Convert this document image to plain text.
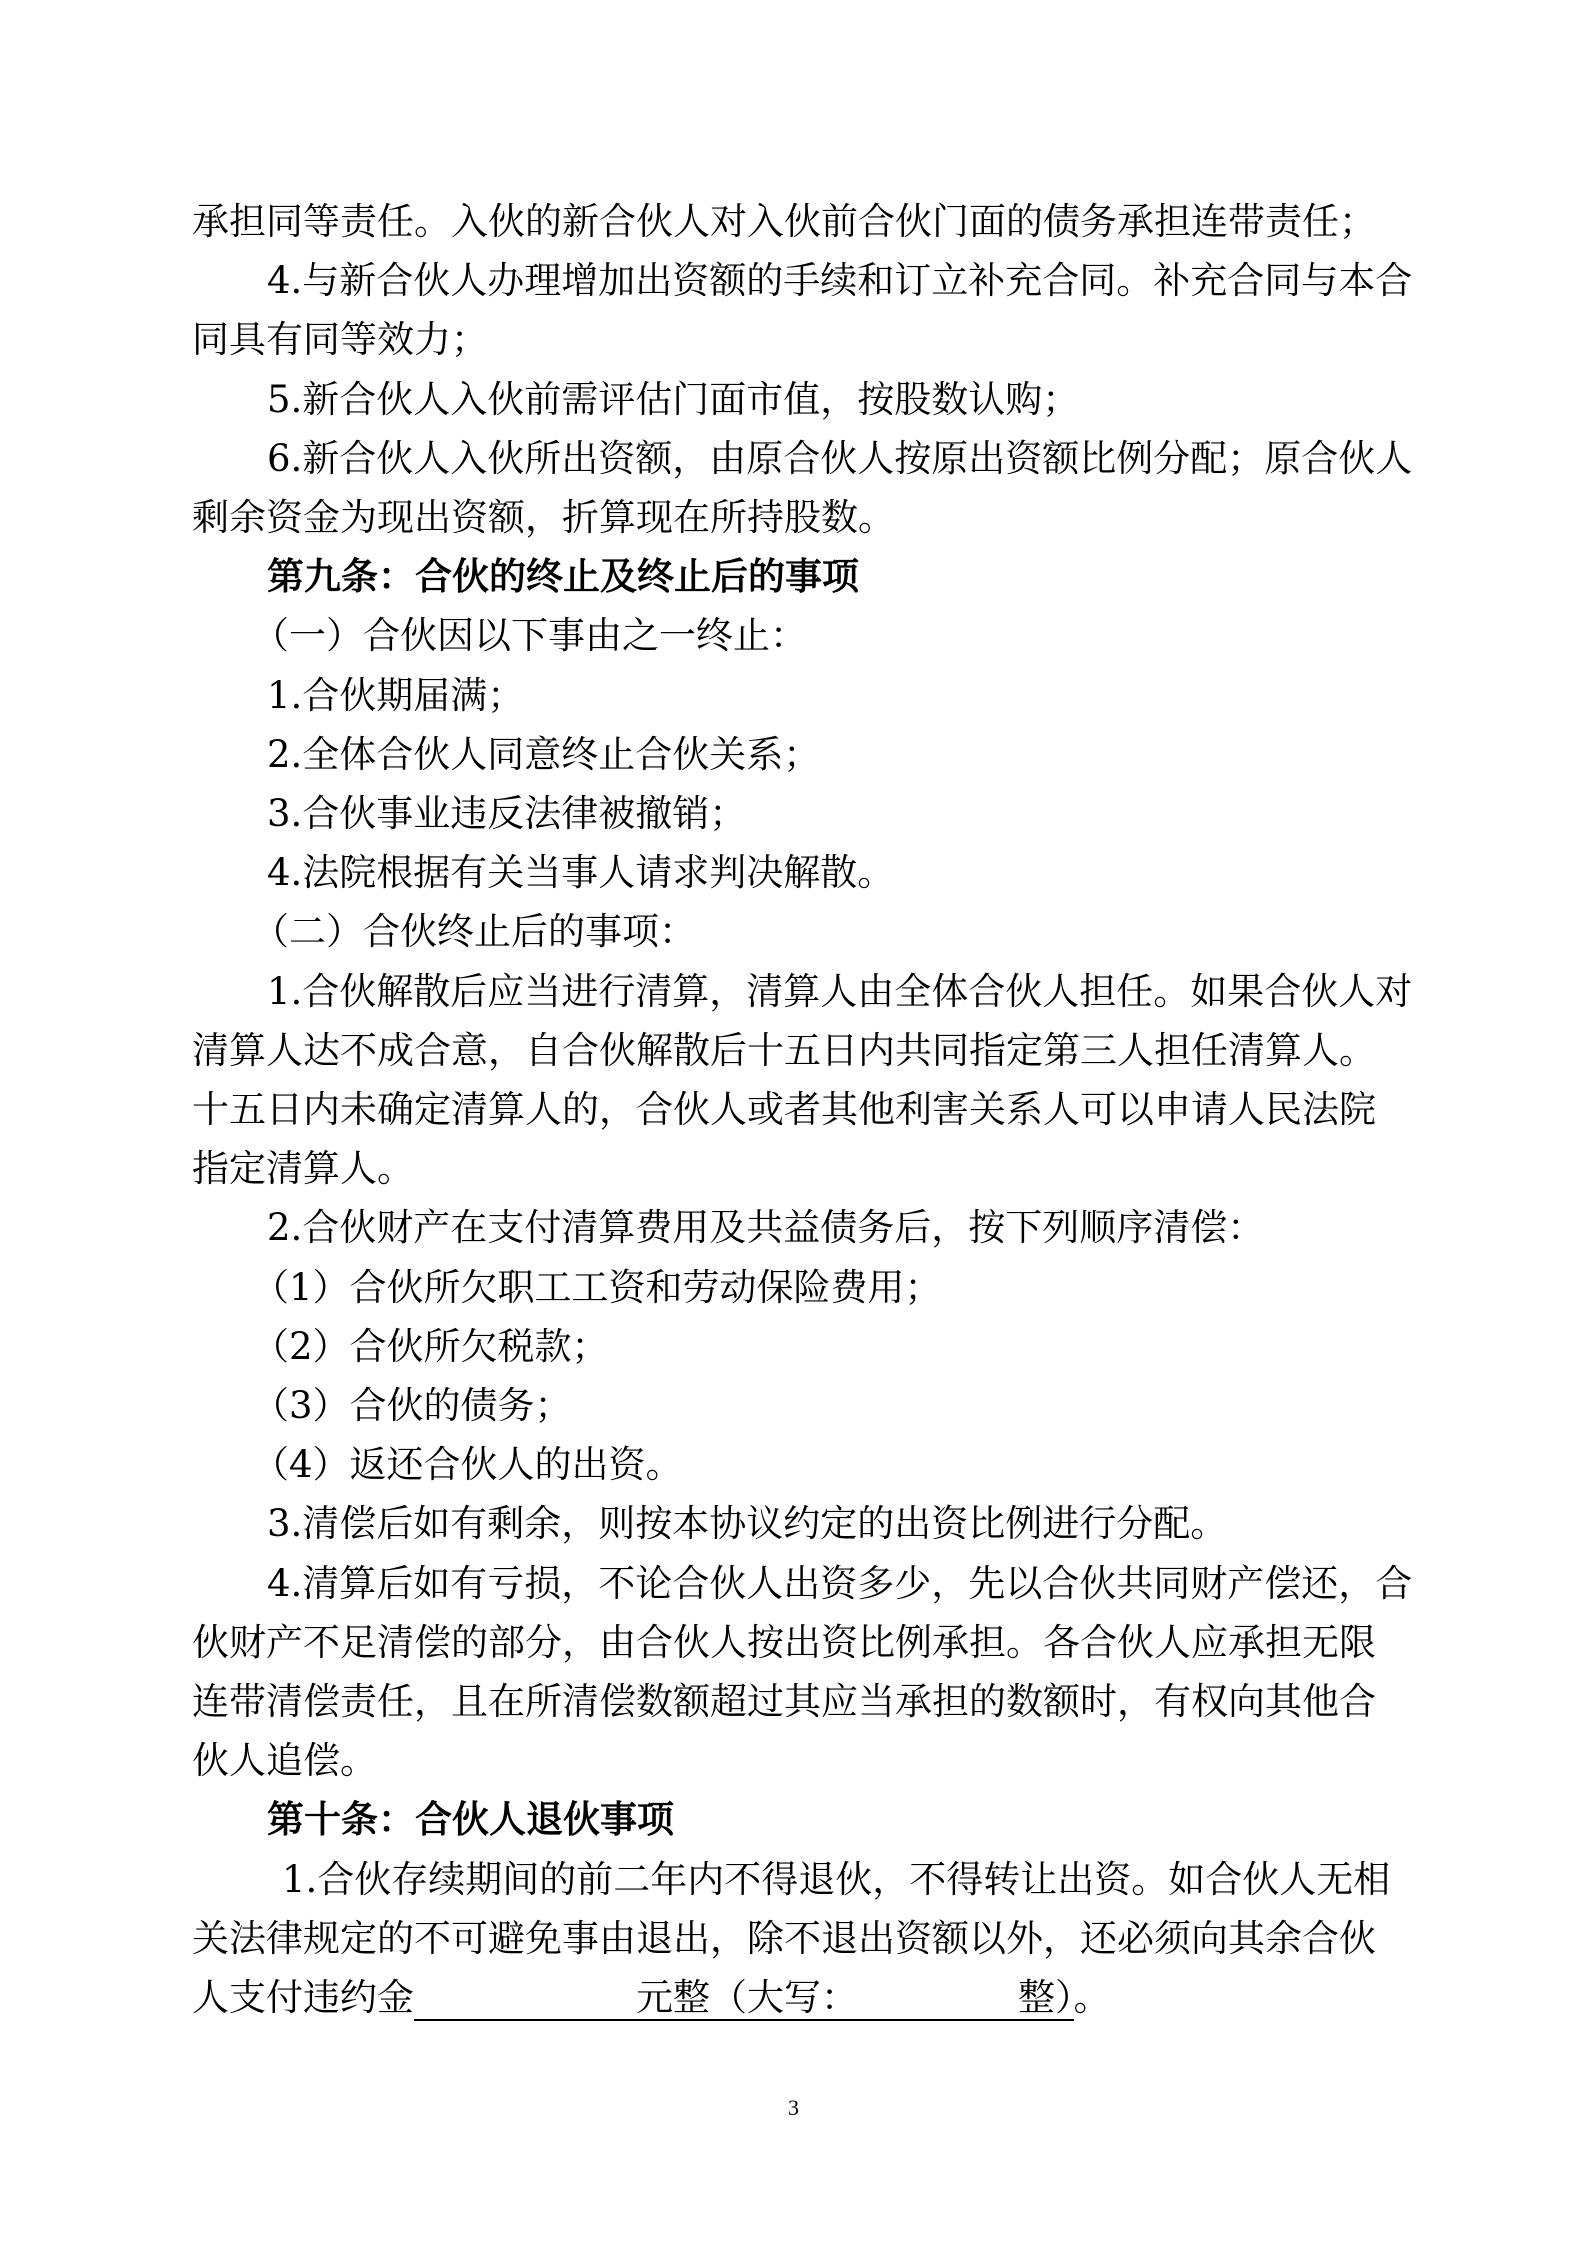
承担同等责任。入伙的新合伙人对入伙前合伙门面的债务承担连带责任；

4.与新合伙人办理增加出资额的手续和订立补充合同。补充合同与本合

同具有同等效力；

5.新合伙人入伙前需评估门面市值，按股数认购；

6.新合伙人入伙所出资额，由原合伙人按原出资额比例分配；原合伙人

剩余资金为现出资额，折算现在所持股数。

第九条：合伙的终止及终止后的事项

（一）合伙因以下事由之一终止：

1.合伙期届满；

2.全体合伙人同意终止合伙关系；

3.合伙事业违反法律被撤销；

4.法院根据有关当事人请求判决解散。

（二）合伙终止后的事项：

1.合伙解散后应当进行清算，清算人由全体合伙人担任。如果合伙人对

清算人达不成合意，自合伙解散后十五日内共同指定第三人担任清算人。

十五日内未确定清算人的，合伙人或者其他利害关系人可以申请人民法院

指定清算人。

2.合伙财产在支付清算费用及共益债务后，按下列顺序清偿：

（1）合伙所欠职工工资和劳动保险费用；

（2）合伙所欠税款；

（3）合伙的债务；

（4）返还合伙人的出资。

3.清偿后如有剩余，则按本协议约定的出资比例进行分配。

4.清算后如有亏损，不论合伙人出资多少，先以合伙共同财产偿还，合

伙财产不足清偿的部分，由合伙人按出资比例承担。各合伙人应承担无限

连带清偿责任，且在所清偿数额超过其应当承担的数额时，有权向其他合

伙人追偿。

第十条：合伙人退伙事项

1.合伙存续期间的前二年内不得退伙，不得转让出资。如合伙人无相

关法律规定的不可避免事由退出，除不退出资额以外，还必须向其余合伙

人支付违约金	元整（大写：	整）。

3
